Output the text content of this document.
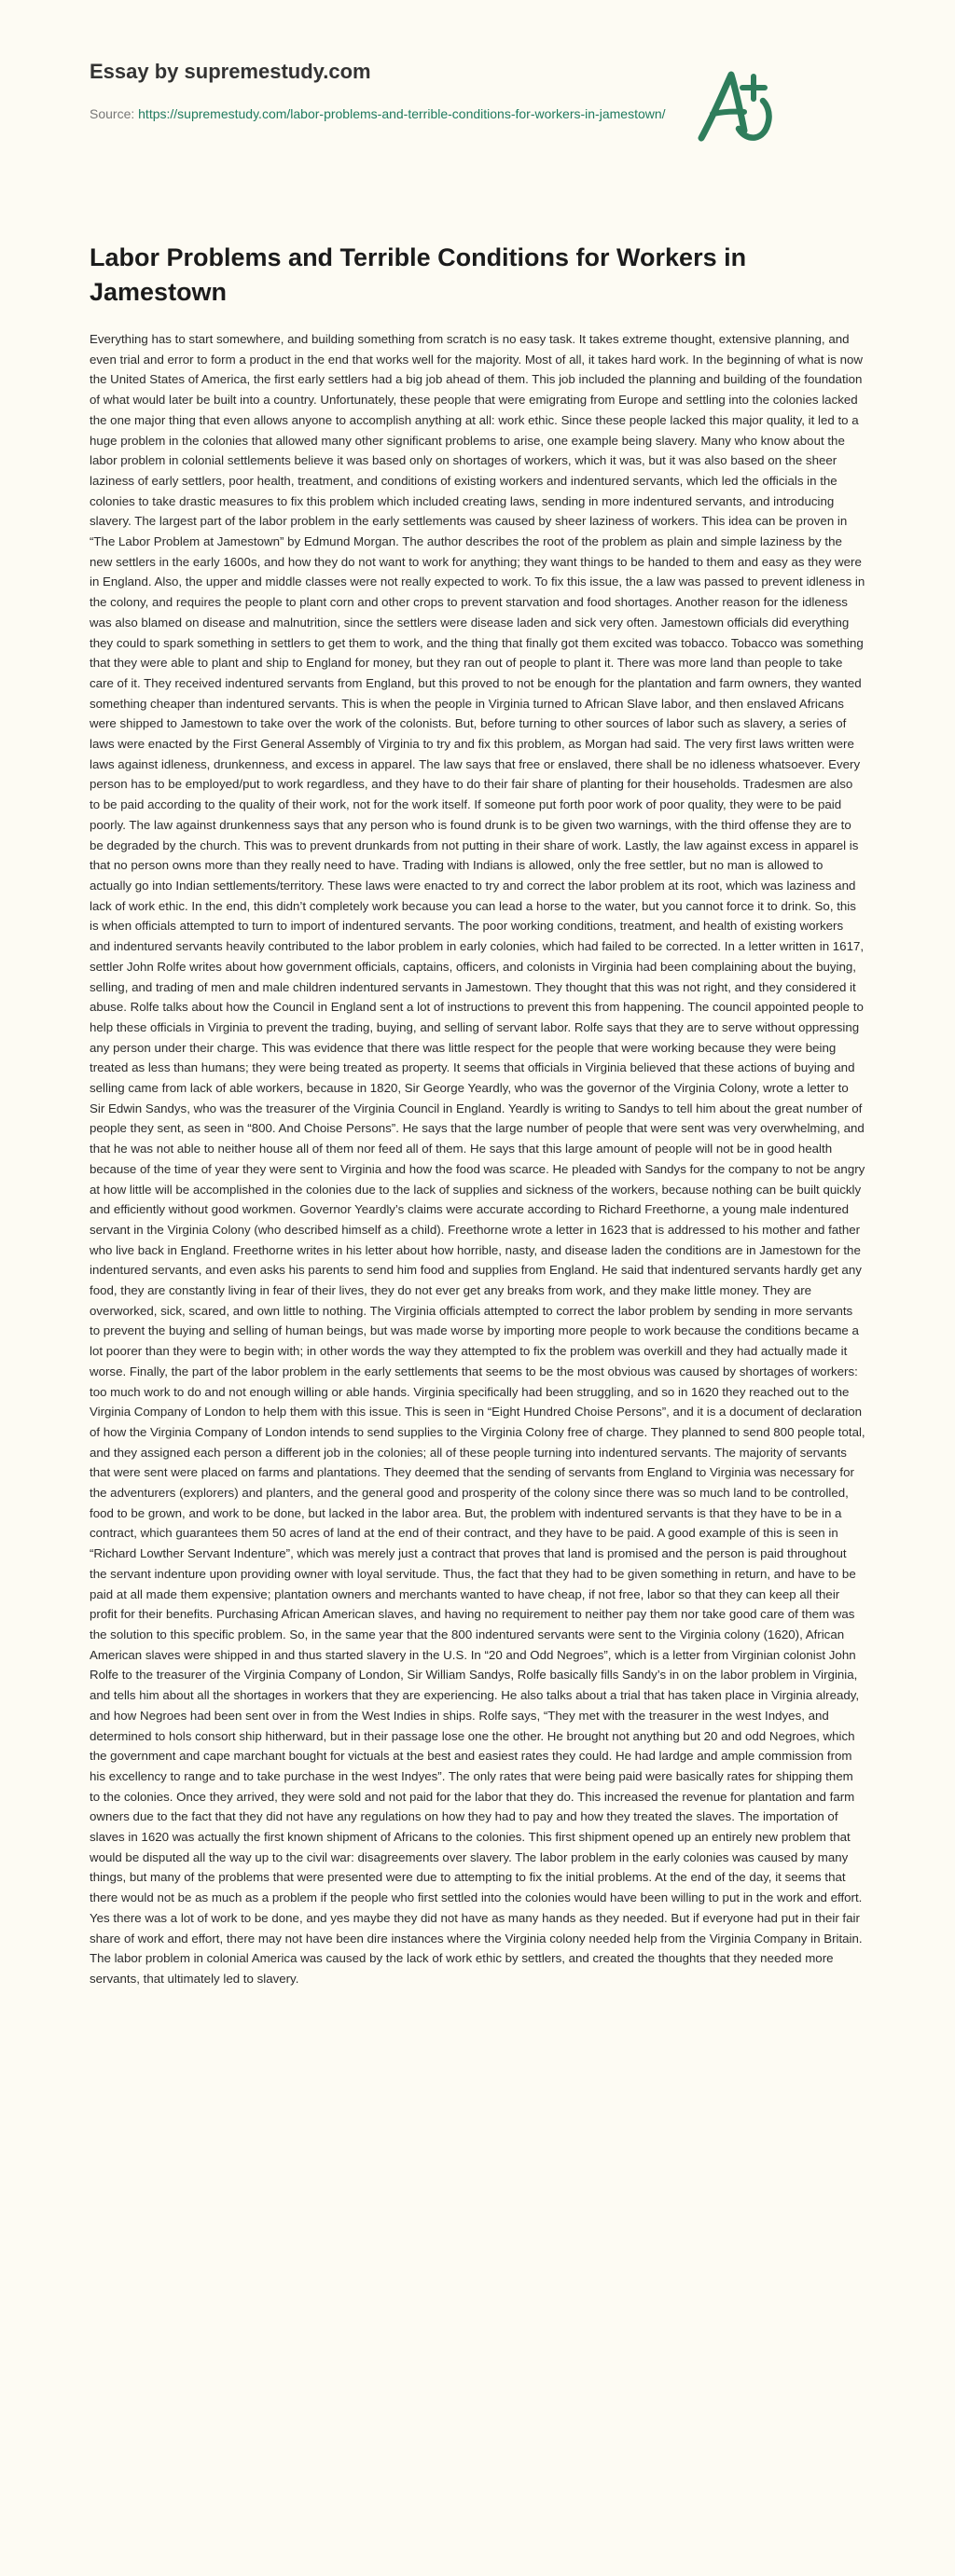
Essay by supremestudy.com
Source: https://supremestudy.com/labor-problems-and-terrible-conditions-for-workers-in-jamestown/
Labor Problems and Terrible Conditions for Workers in Jamestown

Everything has to start somewhere, and building something from scratch is no easy task. It takes extreme thought, extensive planning, and even trial and error to form a product in the end that works well for the majority. Most of all, it takes hard work. In the beginning of what is now the United States of America, the first early settlers had a big job ahead of them. This job included the planning and building of the foundation of what would later be built into a country. Unfortunately, these people that were emigrating from Europe and settling into the colonies lacked the one major thing that even allows anyone to accomplish anything at all: work ethic. Since these people lacked this major quality, it led to a huge problem in the colonies that allowed many other significant problems to arise, one example being slavery. Many who know about the labor problem in colonial settlements believe it was based only on shortages of workers, which it was, but it was also based on the sheer laziness of early settlers, poor health, treatment, and conditions of existing workers and indentured servants, which led the officials in the colonies to take drastic measures to fix this problem which included creating laws, sending in more indentured servants, and introducing slavery. The largest part of the labor problem in the early settlements was caused by sheer laziness of workers. This idea can be proven in “The Labor Problem at Jamestown” by Edmund Morgan. The author describes the root of the problem as plain and simple laziness by the new settlers in the early 1600s, and how they do not want to work for anything; they want things to be handed to them and easy as they were in England. Also, the upper and middle classes were not really expected to work. To fix this issue, the a law was passed to prevent idleness in the colony, and requires the people to plant corn and other crops to prevent starvation and food shortages. Another reason for the idleness was also blamed on disease and malnutrition, since the settlers were disease laden and sick very often. Jamestown officials did everything they could to spark something in settlers to get them to work, and the thing that finally got them excited was tobacco. Tobacco was something that they were able to plant and ship to England for money, but they ran out of people to plant it. There was more land than people to take care of it. They received indentured servants from England, but this proved to not be enough for the plantation and farm owners, they wanted something cheaper than indentured servants. This is when the people in Virginia turned to African Slave labor, and then enslaved Africans were shipped to Jamestown to take over the work of the colonists. But, before turning to other sources of labor such as slavery, a series of laws were enacted by the First General Assembly of Virginia to try and fix this problem, as Morgan had said. The very first laws written were laws against idleness, drunkenness, and excess in apparel. The law says that free or enslaved, there shall be no idleness whatsoever. Every person has to be employed/put to work regardless, and they have to do their fair share of planting for their households. Tradesmen are also to be paid according to the quality of their work, not for the work itself. If someone put forth poor work of poor quality, they were to be paid poorly. The law against drunkenness says that any person who is found drunk is to be given two warnings, with the third offense they are to be degraded by the church. This was to prevent drunkards from not putting in their share of work. Lastly, the law against excess in apparel is that no person owns more than they really need to have. Trading with Indians is allowed, only the free settler, but no man is allowed to actually go into Indian settlements/territory. These laws were enacted to try and correct the labor problem at its root, which was laziness and lack of work ethic. In the end, this didn’t completely work because you can lead a horse to the water, but you cannot force it to drink. So, this is when officials attempted to turn to import of indentured servants. The poor working conditions, treatment, and health of existing workers and indentured servants heavily contributed to the labor problem in early colonies, which had failed to be corrected. In a letter written in 1617, settler John Rolfe writes about how government officials, captains, officers, and colonists in Virginia had been complaining about the buying, selling, and trading of men and male children indentured servants in Jamestown. They thought that this was not right, and they considered it abuse. Rolfe talks about how the Council in England sent a lot of instructions to prevent this from happening. The council appointed people to help these officials in Virginia to prevent the trading, buying, and selling of servant labor. Rolfe says that they are to serve without oppressing any person under their charge. This was evidence that there was little respect for the people that were working because they were being treated as less than humans; they were being treated as property. It seems that officials in Virginia believed that these actions of buying and selling came from lack of able workers, because in 1820, Sir George Yeardly, who was the governor of the Virginia Colony, wrote a letter to Sir Edwin Sandys, who was the treasurer of the Virginia Council in England. Yeardly is writing to Sandys to tell him about the great number of people they sent, as seen in “800. And Choise Persons”. He says that the large number of people that were sent was very overwhelming, and that he was not able to neither house all of them nor feed all of them. He says that this large amount of people will not be in good health because of the time of year they were sent to Virginia and how the food was scarce. He pleaded with Sandys for the company to not be angry at how little will be accomplished in the colonies due to the lack of supplies and sickness of the workers, because nothing can be built quickly and efficiently without good workmen. Governor Yeardly’s claims were accurate according to Richard Freethorne, a young male indentured servant in the Virginia Colony (who described himself as a child). Freethorne wrote a letter in 1623 that is addressed to his mother and father who live back in England. Freethorne writes in his letter about how horrible, nasty, and disease laden the conditions are in Jamestown for the indentured servants, and even asks his parents to send him food and supplies from England. He said that indentured servants hardly get any food, they are constantly living in fear of their lives, they do not ever get any breaks from work, and they make little money. They are overworked, sick, scared, and own little to nothing. The Virginia officials attempted to correct the labor problem by sending in more servants to prevent the buying and selling of human beings, but was made worse by importing more people to work because the conditions became a lot poorer than they were to begin with; in other words the way they attempted to fix the problem was overkill and they had actually made it worse. Finally, the part of the labor problem in the early settlements that seems to be the most obvious was caused by shortages of workers: too much work to do and not enough willing or able hands. Virginia specifically had been struggling, and so in 1620 they reached out to the Virginia Company of London to help them with this issue. This is seen in “Eight Hundred Choise Persons”, and it is a document of declaration of how the Virginia Company of London intends to send supplies to the Virginia Colony free of charge. They planned to send 800 people total, and they assigned each person a different job in the colonies; all of these people turning into indentured servants. The majority of servants that were sent were placed on farms and plantations. They deemed that the sending of servants from England to Virginia was necessary for the adventurers (explorers) and planters, and the general good and prosperity of the colony since there was so much land to be controlled, food to be grown, and work to be done, but lacked in the labor area. But, the problem with indentured servants is that they have to be in a contract, which guarantees them 50 acres of land at the end of their contract, and they have to be paid. A good example of this is seen in “Richard Lowther Servant Indenture”, which was merely just a contract that proves that land is promised and the person is paid throughout the servant indenture upon providing owner with loyal servitude. Thus, the fact that they had to be given something in return, and have to be paid at all made them expensive; plantation owners and merchants wanted to have cheap, if not free, labor so that they can keep all their profit for their benefits. Purchasing African American slaves, and having no requirement to neither pay them nor take good care of them was the solution to this specific problem. So, in the same year that the 800 indentured servants were sent to the Virginia colony (1620), African American slaves were shipped in and thus started slavery in the U.S. In “20 and Odd Negroes”, which is a letter from Virginian colonist John Rolfe to the treasurer of the Virginia Company of London, Sir William Sandys, Rolfe basically fills Sandy’s in on the labor problem in Virginia, and tells him about all the shortages in workers that they are experiencing. He also talks about a trial that has taken place in Virginia already, and how Negroes had been sent over in from the West Indies in ships. Rolfe says, “They met with the treasurer in the west Indyes, and determined to hols consort ship hitherward, but in their passage lose one the other. He brought not anything but 20 and odd Negroes, which the government and cape marchant bought for victuals at the best and easiest rates they could. He had lardge and ample commission from his excellency to range and to take purchase in the west Indyes”. The only rates that were being paid were basically rates for shipping them to the colonies. Once they arrived, they were sold and not paid for the labor that they do. This increased the revenue for plantation and farm owners due to the fact that they did not have any regulations on how they had to pay and how they treated the slaves. The importation of slaves in 1620 was actually the first known shipment of Africans to the colonies. This first shipment opened up an entirely new problem that would be disputed all the way up to the civil war: disagreements over slavery. The labor problem in the early colonies was caused by many things, but many of the problems that were presented were due to attempting to fix the initial problems. At the end of the day, it seems that there would not be as much as a problem if the people who first settled into the colonies would have been willing to put in the work and effort. Yes there was a lot of work to be done, and yes maybe they did not have as many hands as they needed. But if everyone had put in their fair share of work and effort, there may not have been dire instances where the Virginia colony needed help from the Virginia Company in Britain. The labor problem in colonial America was caused by the lack of work ethic by settlers, and created the thoughts that they needed more servants, that ultimately led to slavery.
